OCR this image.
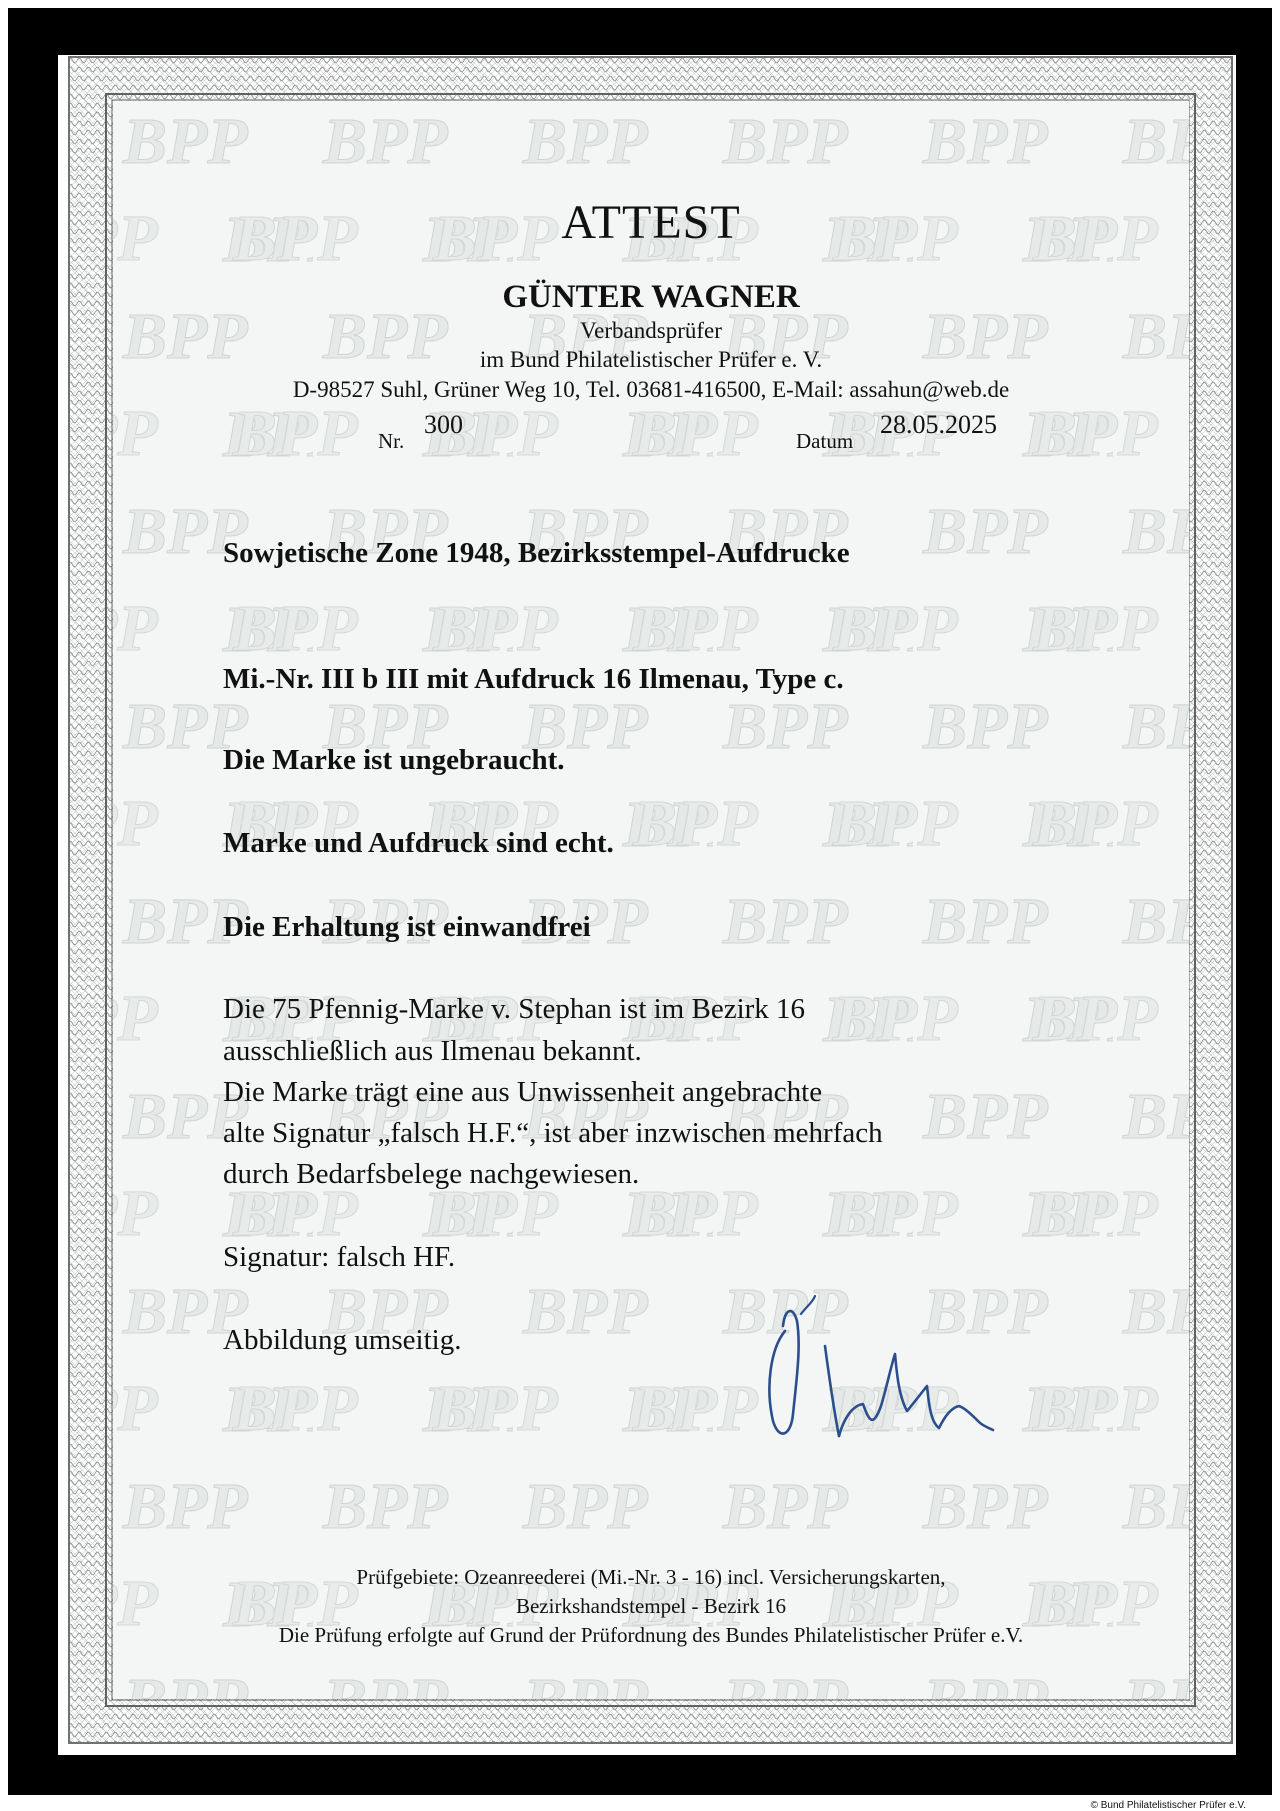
ATTEST

GÜNTER WAGNER

Verbandsprüfer

im Bund Philatelistischer Prüfer e. V.

D-98527 Suhl, Grüner Weg 10, Tel. 03681-416500, E-Mail: assahun@web.de

Nr.
300
Datum
28.05.2025

Sowjetische Zone 1948, Bezirksstempel-Aufdrucke

Mi.-Nr. III b III mit Aufdruck 16 Ilmenau, Type c.

Die Marke ist ungebraucht.

Marke und Aufdruck sind echt.

Die Erhaltung ist einwandfrei

Die 75 Pfennig-Marke v. Stephan ist im Bezirk 16

ausschließlich aus Ilmenau bekannt.

Die Marke trägt eine aus Unwissenheit angebrachte

alte Signatur „falsch H.F.“, ist aber inzwischen mehrfach

durch Bedarfsbelege nachgewiesen.

Signatur: falsch HF.

Abbildung umseitig.

Prüfgebiete: Ozeanreederei (Mi.-Nr. 3 - 16) incl. Versicherungskarten,

Bezirkshandstempel - Bezirk 16

Die Prüfung erfolgte auf Grund der Prüfordnung des Bundes Philatelistischer Prüfer e.V.

© Bund Philatelistischer Prüfer e.V.
